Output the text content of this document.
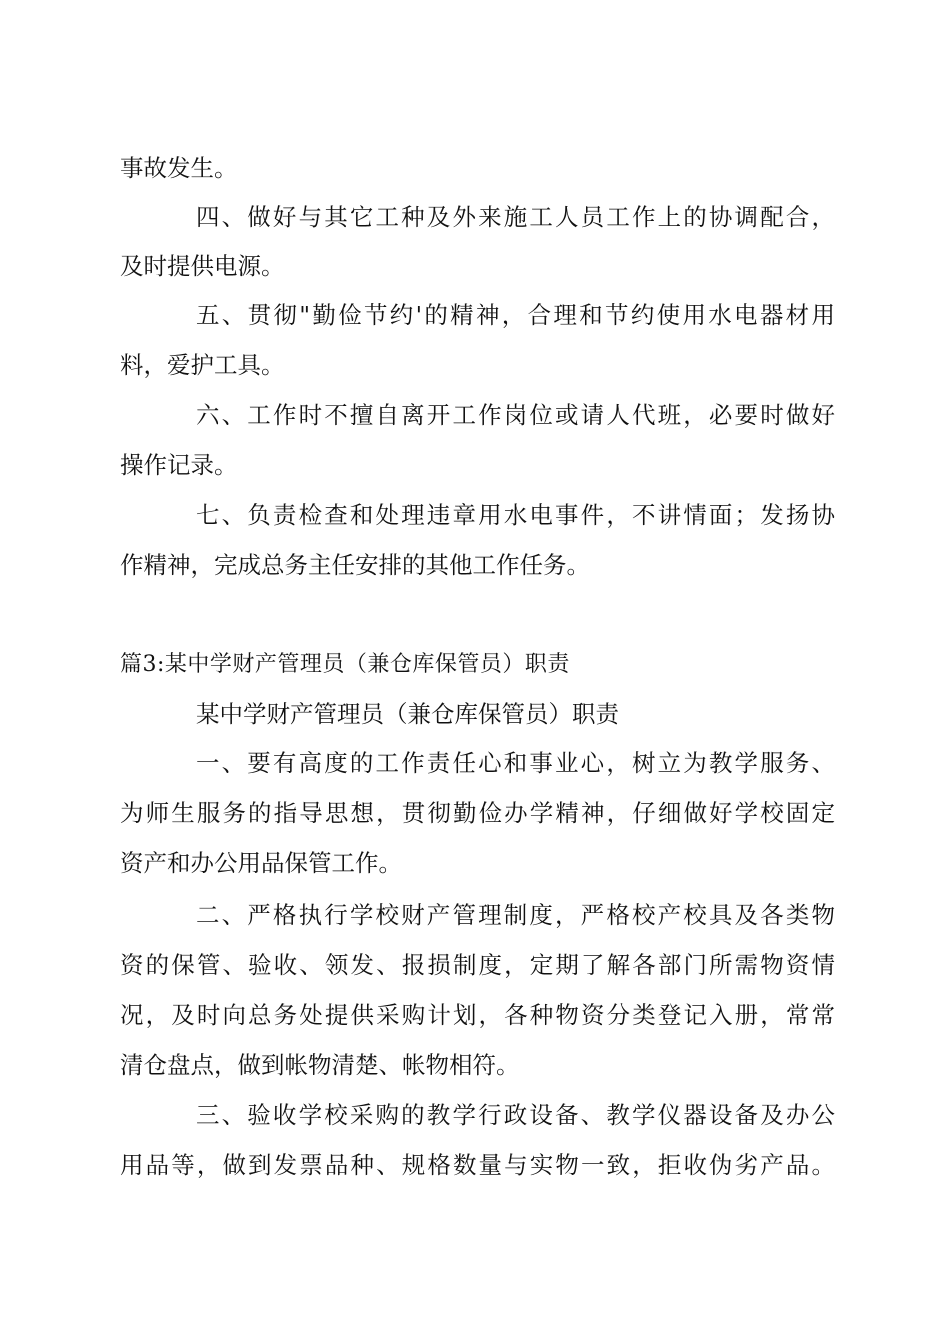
事故发生。
四、做好与其它工种及外来施工人员工作上的协调配合，
及时提供电源。
五、贯彻"勤俭节约'的精神，合理和节约使用水电器材用
料，爱护工具。
六、工作时不擅自离开工作岗位或请人代班，必要时做好
操作记录。
七、负责检查和处理违章用水电事件，不讲情面；发扬协
作精神，完成总务主任安排的其他工作任务。
篇3:某中学财产管理员（兼仓库保管员）职责
某中学财产管理员（兼仓库保管员）职责
一、要有高度的工作责任心和事业心，树立为教学服务、
为师生服务的指导思想，贯彻勤俭办学精神，仔细做好学校固定
资产和办公用品保管工作。
二、严格执行学校财产管理制度，严格校产校具及各类物
资的保管、验收、领发、报损制度，定期了解各部门所需物资情
况，及时向总务处提供采购计划，各种物资分类登记入册，常常
清仓盘点，做到帐物清楚、帐物相符。
三、验收学校采购的教学行政设备、教学仪器设备及办公
用品等，做到发票品种、规格数量与实物一致，拒收伪劣产品。
